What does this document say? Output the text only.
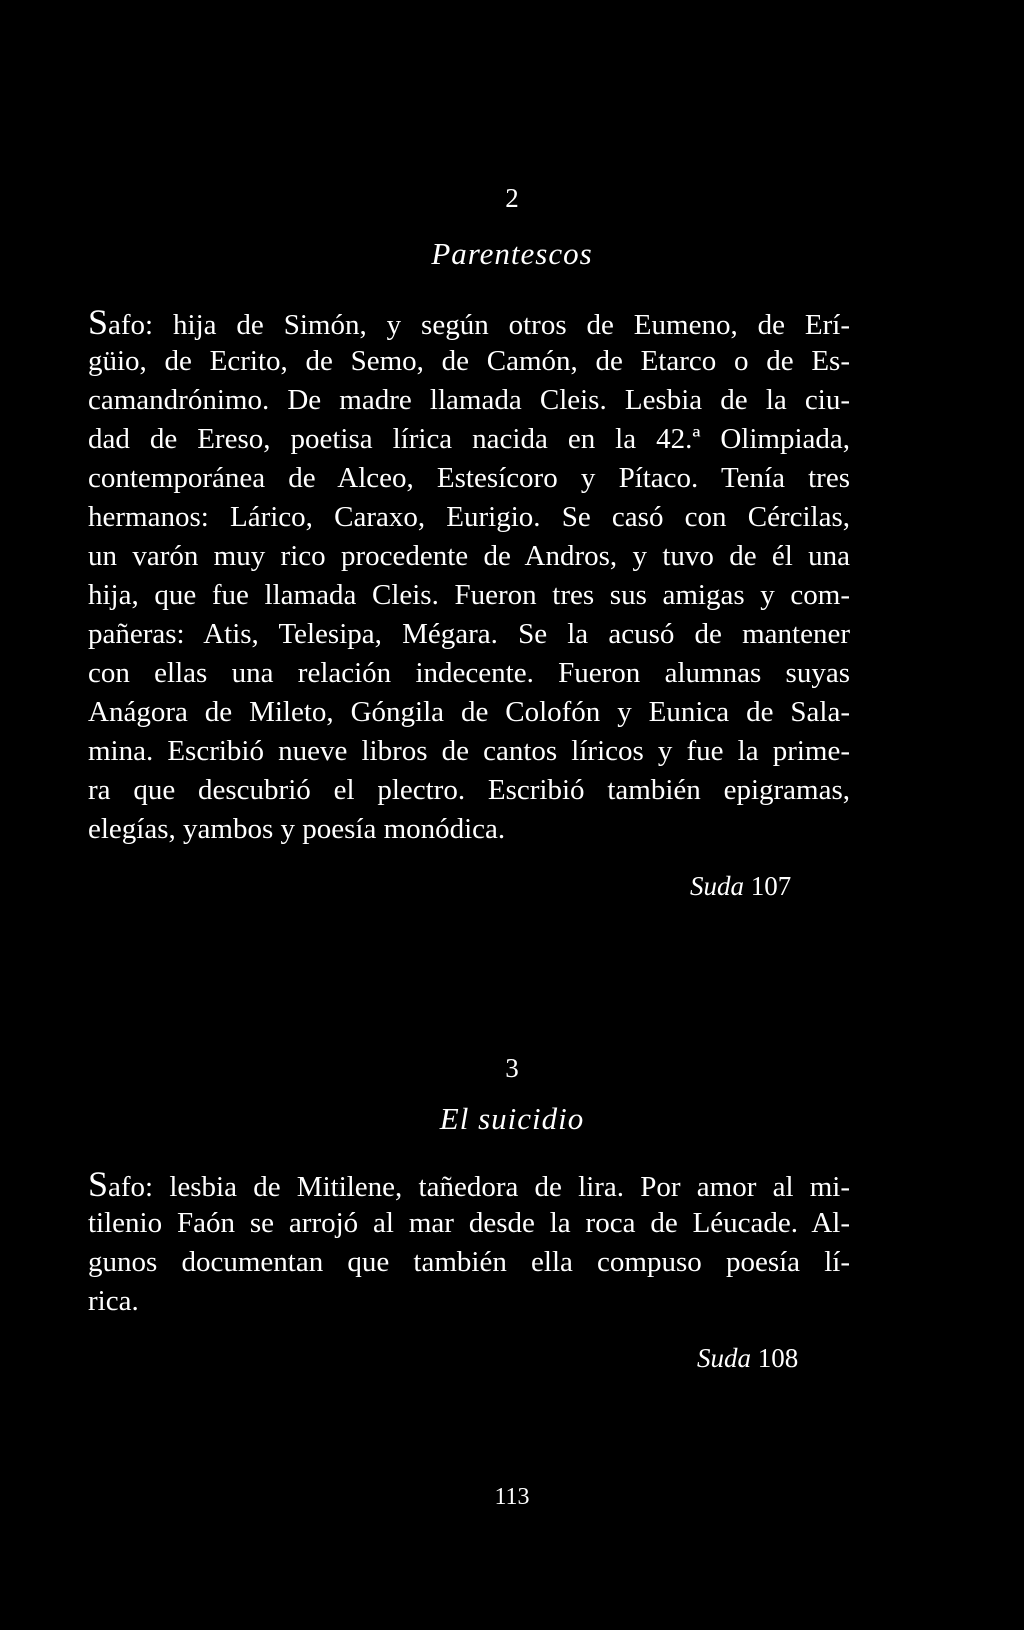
2
Parentescos
Safo: hija de Simón, y según otros de Eumeno, de Erí-
güio, de Ecrito, de Semo, de Camón, de Etarco o de Es-
camandrónimo. De madre llamada Cleis. Lesbia de la ciu-
dad de Ereso, poetisa lírica nacida en la 42.ª Olimpiada,
contemporánea de Alceo, Estesícoro y Pítaco. Tenía tres
hermanos: Lárico, Caraxo, Eurigio. Se casó con Cércilas,
un varón muy rico procedente de Andros, y tuvo de él una
hija, que fue llamada Cleis. Fueron tres sus amigas y com-
pañeras: Atis, Telesipa, Mégara. Se la acusó de mantener
con ellas una relación indecente. Fueron alumnas suyas
Anágora de Mileto, Góngila de Colofón y Eunica de Sala-
mina. Escribió nueve libros de cantos líricos y fue la prime-
ra que descubrió el plectro. Escribió también epigramas,
elegías, yambos y poesía monódica.
Suda 107
3
El suicidio
Safo: lesbia de Mitilene, tañedora de lira. Por amor al mi-
tilenio Faón se arrojó al mar desde la roca de Léucade. Al-
gunos documentan que también ella compuso poesía lí-
rica.
Suda 108
113
